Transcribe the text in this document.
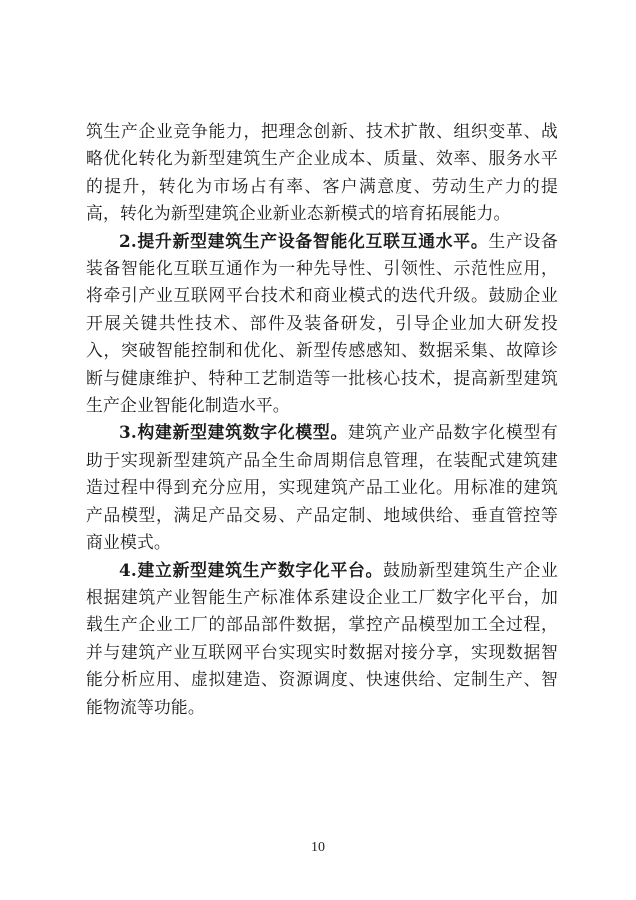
筑生产企业竞争能力，把理念创新、技术扩散、组织变革、战略优化转化为新型建筑生产企业成本、质量、效率、服务水平的提升，转化为市场占有率、客户满意度、劳动生产力的提高，转化为新型建筑企业新业态新模式的培育拓展能力。

2.提升新型建筑生产设备智能化互联互通水平。生产设备装备智能化互联互通作为一种先导性、引领性、示范性应用，将牵引产业互联网平台技术和商业模式的迭代升级。鼓励企业开展关键共性技术、部件及装备研发，引导企业加大研发投入，突破智能控制和优化、新型传感感知、数据采集、故障诊断与健康维护、特种工艺制造等一批核心技术，提高新型建筑生产企业智能化制造水平。

3.构建新型建筑数字化模型。建筑产业产品数字化模型有助于实现新型建筑产品全生命周期信息管理，在装配式建筑建造过程中得到充分应用，实现建筑产品工业化。用标准的建筑产品模型，满足产品交易、产品定制、地域供给、垂直管控等商业模式。

4.建立新型建筑生产数字化平台。鼓励新型建筑生产企业根据建筑产业智能生产标准体系建设企业工厂数字化平台，加载生产企业工厂的部品部件数据，掌控产品模型加工全过程，并与建筑产业互联网平台实现实时数据对接分享，实现数据智能分析应用、虚拟建造、资源调度、快速供给、定制生产、智能物流等功能。

10
